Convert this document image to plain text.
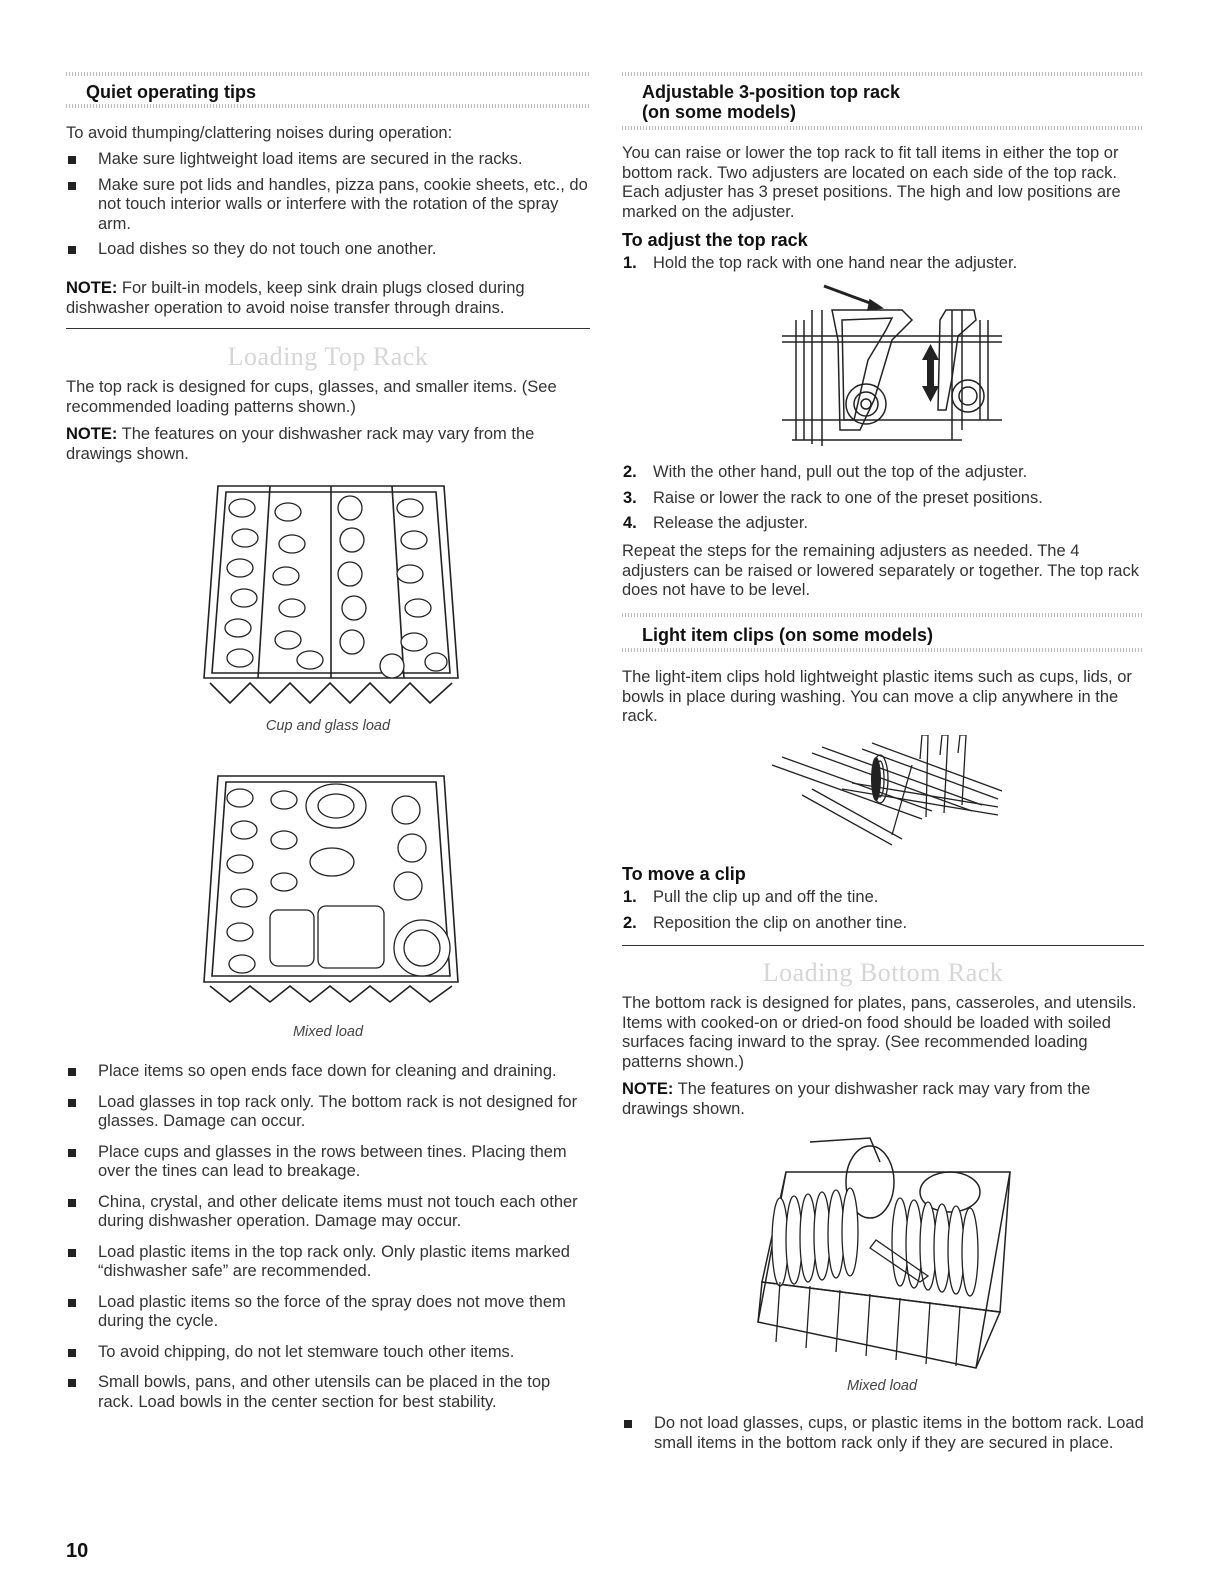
Quiet operating tips

To avoid thumping/clattering noises during operation:

Make sure lightweight load items are secured in the racks.
Make sure pot lids and handles, pizza pans, cookie sheets, etc., do not touch interior walls or interfere with the rotation of the spray arm.
Load dishes so they do not touch one another.

NOTE: For built-in models, keep sink drain plugs closed during dishwasher operation to avoid noise transfer through drains.

Loading Top Rack

The top rack is designed for cups, glasses, and smaller items. (See recommended loading patterns shown.)

NOTE: The features on your dishwasher rack may vary from the drawings shown.

Cup and glass load
Mixed load
Place items so open ends face down for cleaning and draining.
Load glasses in top rack only. The bottom rack is not designed for glasses. Damage can occur.
Place cups and glasses in the rows between tines. Placing them over the tines can lead to breakage.
China, crystal, and other delicate items must not touch each other during dishwasher operation. Damage may occur.
Load plastic items in the top rack only. Only plastic items marked “dishwasher safe” are recommended.
Load plastic items so the force of the spray does not move them during the cycle.
To avoid chipping, do not let stemware touch other items.
Small bowls, pans, and other utensils can be placed in the top rack. Load bowls in the center section for best stability.
Adjustable 3-position top rack
(on some models)

You can raise or lower the top rack to fit tall items in either the top or bottom rack. Two adjusters are located on each side of the top rack. Each adjuster has 3 preset positions. The high and low positions are marked on the adjuster.

To adjust the top rack
1. Hold the top rack with one hand near the adjuster.
2. With the other hand, pull out the top of the adjuster.
3. Raise or lower the rack to one of the preset positions.
4. Release the adjuster.

Repeat the steps for the remaining adjusters as needed. The 4 adjusters can be raised or lowered separately or together. The top rack does not have to be level.

Light item clips (on some models)

The light-item clips hold lightweight plastic items such as cups, lids, or bowls in place during washing. You can move a clip anywhere in the rack.

To move a clip
1. Pull the clip up and off the tine.
2. Reposition the clip on another tine.
Loading Bottom Rack

The bottom rack is designed for plates, pans, casseroles, and utensils. Items with cooked-on or dried-on food should be loaded with soiled surfaces facing inward to the spray. (See recommended loading patterns shown.)

NOTE: The features on your dishwasher rack may vary from the drawings shown.

Mixed load
Do not load glasses, cups, or plastic items in the bottom rack. Load small items in the bottom rack only if they are secured in place.
10
